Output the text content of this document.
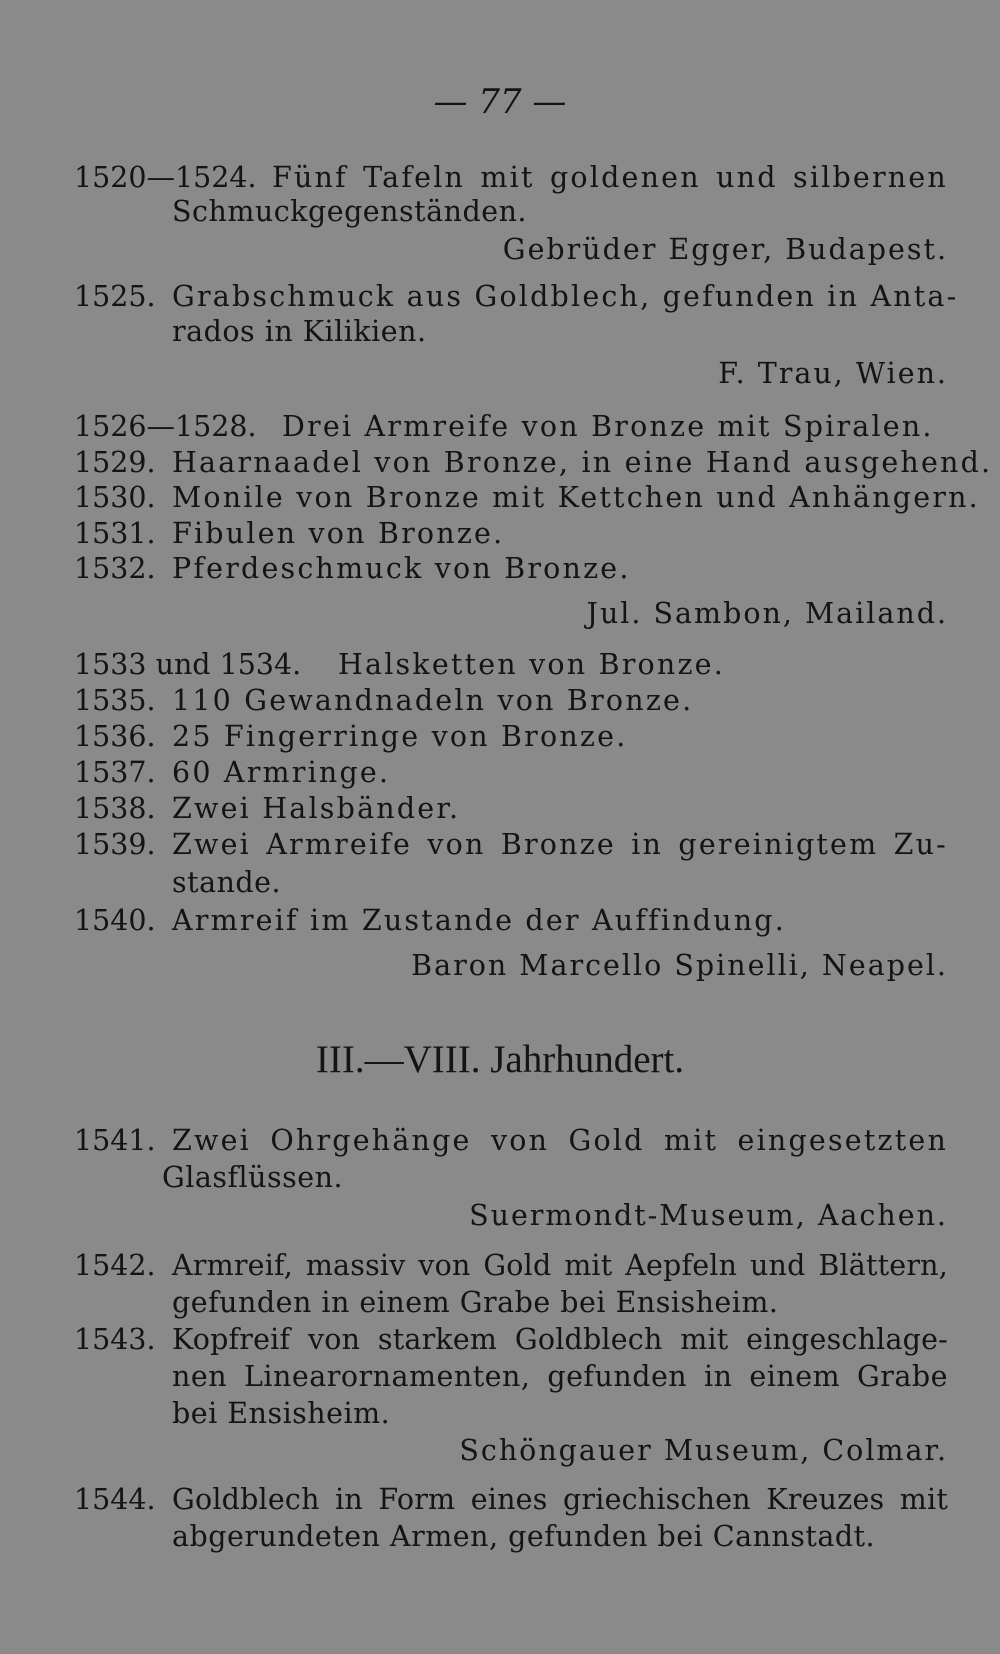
— 77 —
1520—1524. Fünf Tafeln mit goldenen und silbernen
Schmuckgegenständen.
Gebrüder Egger, Budapest.
1525. Grabschmuck aus Goldblech, gefunden in Anta-
rados in Kilikien.
F. Trau, Wien.
1526—1528. Drei Armreife von Bronze mit Spiralen.
1529. Haarnaadel von Bronze, in eine Hand ausgehend.
1530. Monile von Bronze mit Kettchen und Anhängern.
1531. Fibulen von Bronze.
1532. Pferdeschmuck von Bronze.
Jul. Sambon, Mailand.
1533 und 1534. Halsketten von Bronze.
1535. 110 Gewandnadeln von Bronze.
1536. 25 Fingerringe von Bronze.
1537. 60 Armringe.
1538. Zwei Halsbänder.
1539. Zwei Armreife von Bronze in gereinigtem Zu-
stande.
1540. Armreif im Zustande der Auffindung.
Baron Marcello Spinelli, Neapel.
III.—VIII. Jahrhundert.
1541. Zwei Ohrgehänge von Gold mit eingesetzten
Glasflüssen.
Suermondt-Museum, Aachen.
1542. Armreif, massiv von Gold mit Aepfeln und Blättern,
gefunden in einem Grabe bei Ensisheim.
1543. Kopfreif von starkem Goldblech mit eingeschlage-
nen Linearornamenten, gefunden in einem Grabe
bei Ensisheim.
Schöngauer Museum, Colmar.
1544. Goldblech in Form eines griechischen Kreuzes mit
abgerundeten Armen, gefunden bei Cannstadt.
